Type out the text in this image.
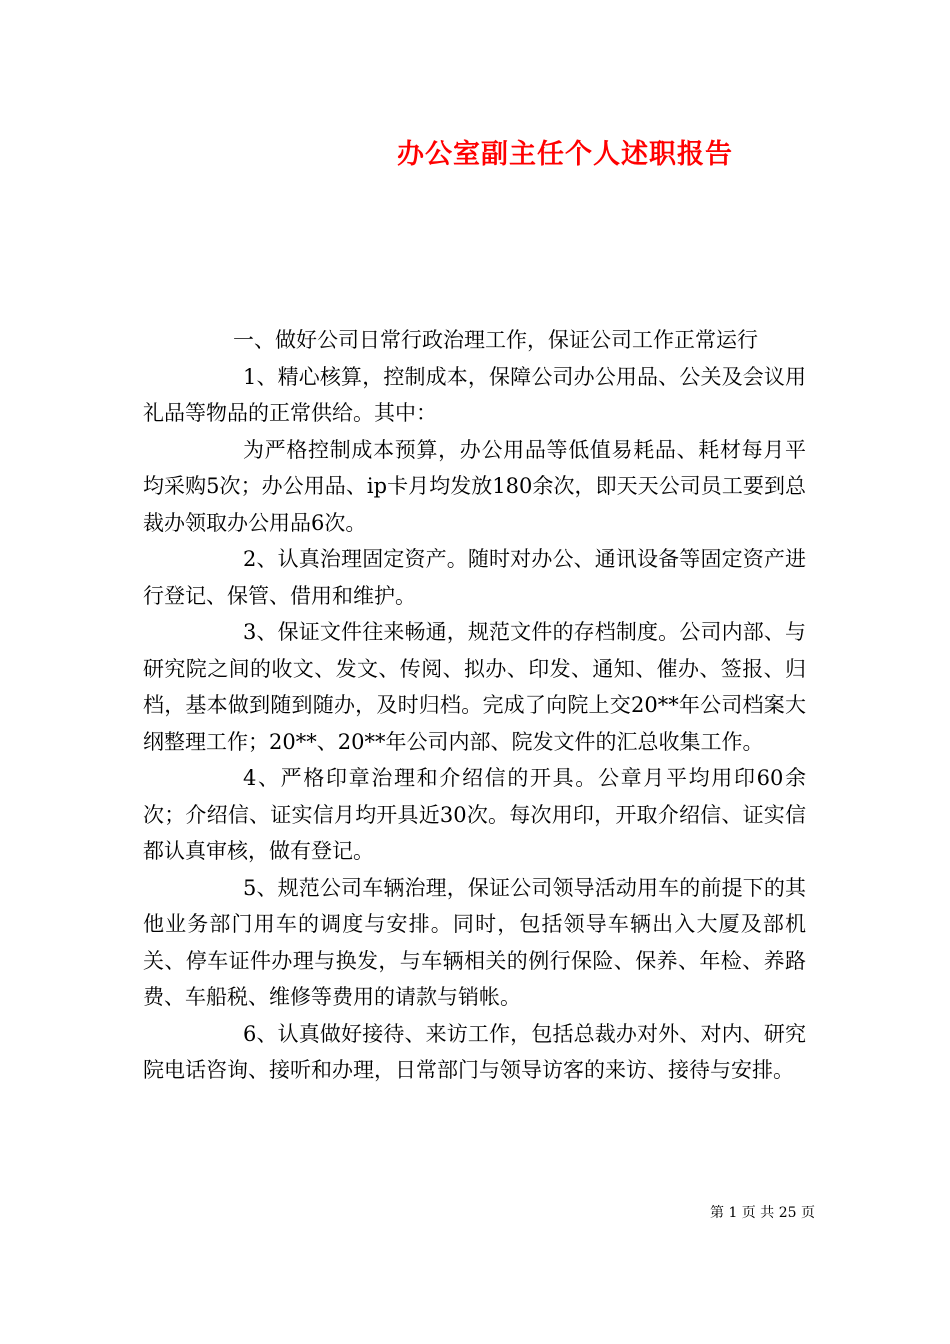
办公室副主任个人述职报告

一、做好公司日常行政治理工作，保证公司工作正常运行

1、精心核算，控制成本，保障公司办公用品、公关及会议用礼品等物品的正常供给。其中：

为严格控制成本预算，办公用品等低值易耗品、耗材每月平均采购5次；办公用品、ip卡月均发放180余次，即天天公司员工要到总裁办领取办公用品6次。

2、认真治理固定资产。随时对办公、通讯设备等固定资产进行登记、保管、借用和维护。

3、保证文件往来畅通，规范文件的存档制度。公司内部、与研究院之间的收文、发文、传阅、拟办、印发、通知、催办、签报、归档，基本做到随到随办，及时归档。完成了向院上交20**年公司档案大纲整理工作；20**、20**年公司内部、院发文件的汇总收集工作。

4、严格印章治理和介绍信的开具。公章月平均用印60余次；介绍信、证实信月均开具近30次。每次用印，开取介绍信、证实信都认真审核，做有登记。

5、规范公司车辆治理，保证公司领导活动用车的前提下的其他业务部门用车的调度与安排。同时，包括领导车辆出入大厦及部机关、停车证件办理与换发，与车辆相关的例行保险、保养、年检、养路费、车船税、维修等费用的请款与销帐。

6、认真做好接待、来访工作，包括总裁办对外、对内、研究院电话咨询、接听和办理，日常部门与领导访客的来访、接待与安排。

第 1 页 共 25 页
